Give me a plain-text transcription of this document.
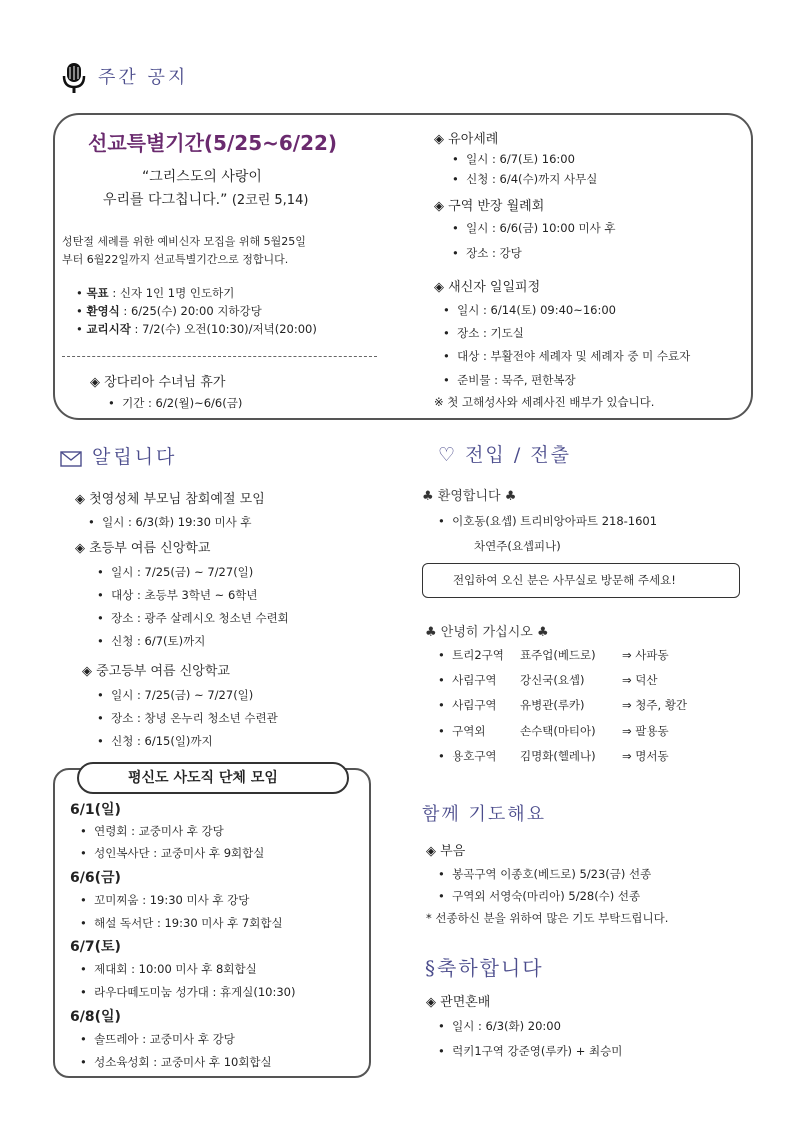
주간 공지
선교특별기간(5/25~6/22)
“그리스도의 사랑이
우리를 다그칩니다.” (2코린 5,14)
성탄절 세례를 위한 예비신자 모집을 위해 5월25일
부터 6월22일까지 선교특별기간으로 정합니다.
• 목표 : 신자 1인 1명 인도하기
• 환영식 : 6/25(수) 20:00 지하강당
• 교리시작 : 7/2(수) 오전(10:30)/저녁(20:00)
◈ 장다리아 수녀님 휴가
•  기간 : 6/2(월)~6/6(금)
◈ 유아세례
•  일시 : 6/7(토) 16:00
•  신청 : 6/4(수)까지 사무실
◈ 구역 반장 월례회
•  일시 : 6/6(금) 10:00 미사 후
•  장소 : 강당
◈ 새신자 일일피정
•  일시 : 6/14(토) 09:40~16:00
•  장소 : 기도실
•  대상 : 부활전야 세례자 및 세례자 중 미 수료자
•  준비물 : 묵주, 편한복장
※ 첫 고해성사와 세례사진 배부가 있습니다.
알립니다
◈ 첫영성체 부모님 참회예절 모임
•  일시 : 6/3(화) 19:30 미사 후
◈ 초등부 여름 신앙학교
•  일시 : 7/25(금) ~ 7/27(일)
•  대상 : 초등부 3학년 ~ 6학년
•  장소 : 광주 살레시오 청소년 수련회
•  신청 : 6/7(토)까지
◈ 중고등부 여름 신앙학교
•  일시 : 7/25(금) ~ 7/27(일)
•  장소 : 창녕 온누리 청소년 수련관
•  신청 : 6/15(일)까지
평신도 사도직 단체 모임
6/1(일)
•  연령회 : 교중미사 후 강당
•  성인복사단 : 교중미사 후 9회합실
6/6(금)
•  꼬미찌움 : 19:30 미사 후 강당
•  해설 독서단 : 19:30 미사 후 7회합실
6/7(토)
•  제대회 : 10:00 미사 후 8회합실
•  라우다떼도미눔 성가대 : 휴게실(10:30)
6/8(일)
•  솔뜨레아 : 교중미사 후 강당
•  성소육성회 : 교중미사 후 10회합실
♡ 전입 / 전출
♣ 환영합니다 ♣
•  이호동(요셉) 트리비앙아파트 218-1601
차연주(요셉피나)
전입하여 오신 분은 사무실로 방문해 주세요!
♣ 안녕히 가십시오 ♣
•  트리2구역 표주업(베드로) ⇒ 사파동
•  사림구역 강신국(요셉)	⇒ 덕산
•  사림구역 유병관(루카)	⇒ 청주, 황간
•  구역외	손수택(마티아) ⇒ 팔용동
•  용호구역 김명화(헬레나) ⇒ 명서동
함께 기도해요
◈ 부음
•  봉곡구역 이종호(베드로) 5/23(금) 선종
•  구역외 서영숙(마리아) 5/28(수) 선종
* 선종하신 분을 위하여 많은 기도 부탁드립니다.
§축하합니다
◈ 관면혼배
•  일시 : 6/3(화) 20:00
•  럭키1구역 강준영(루카) + 최승미
